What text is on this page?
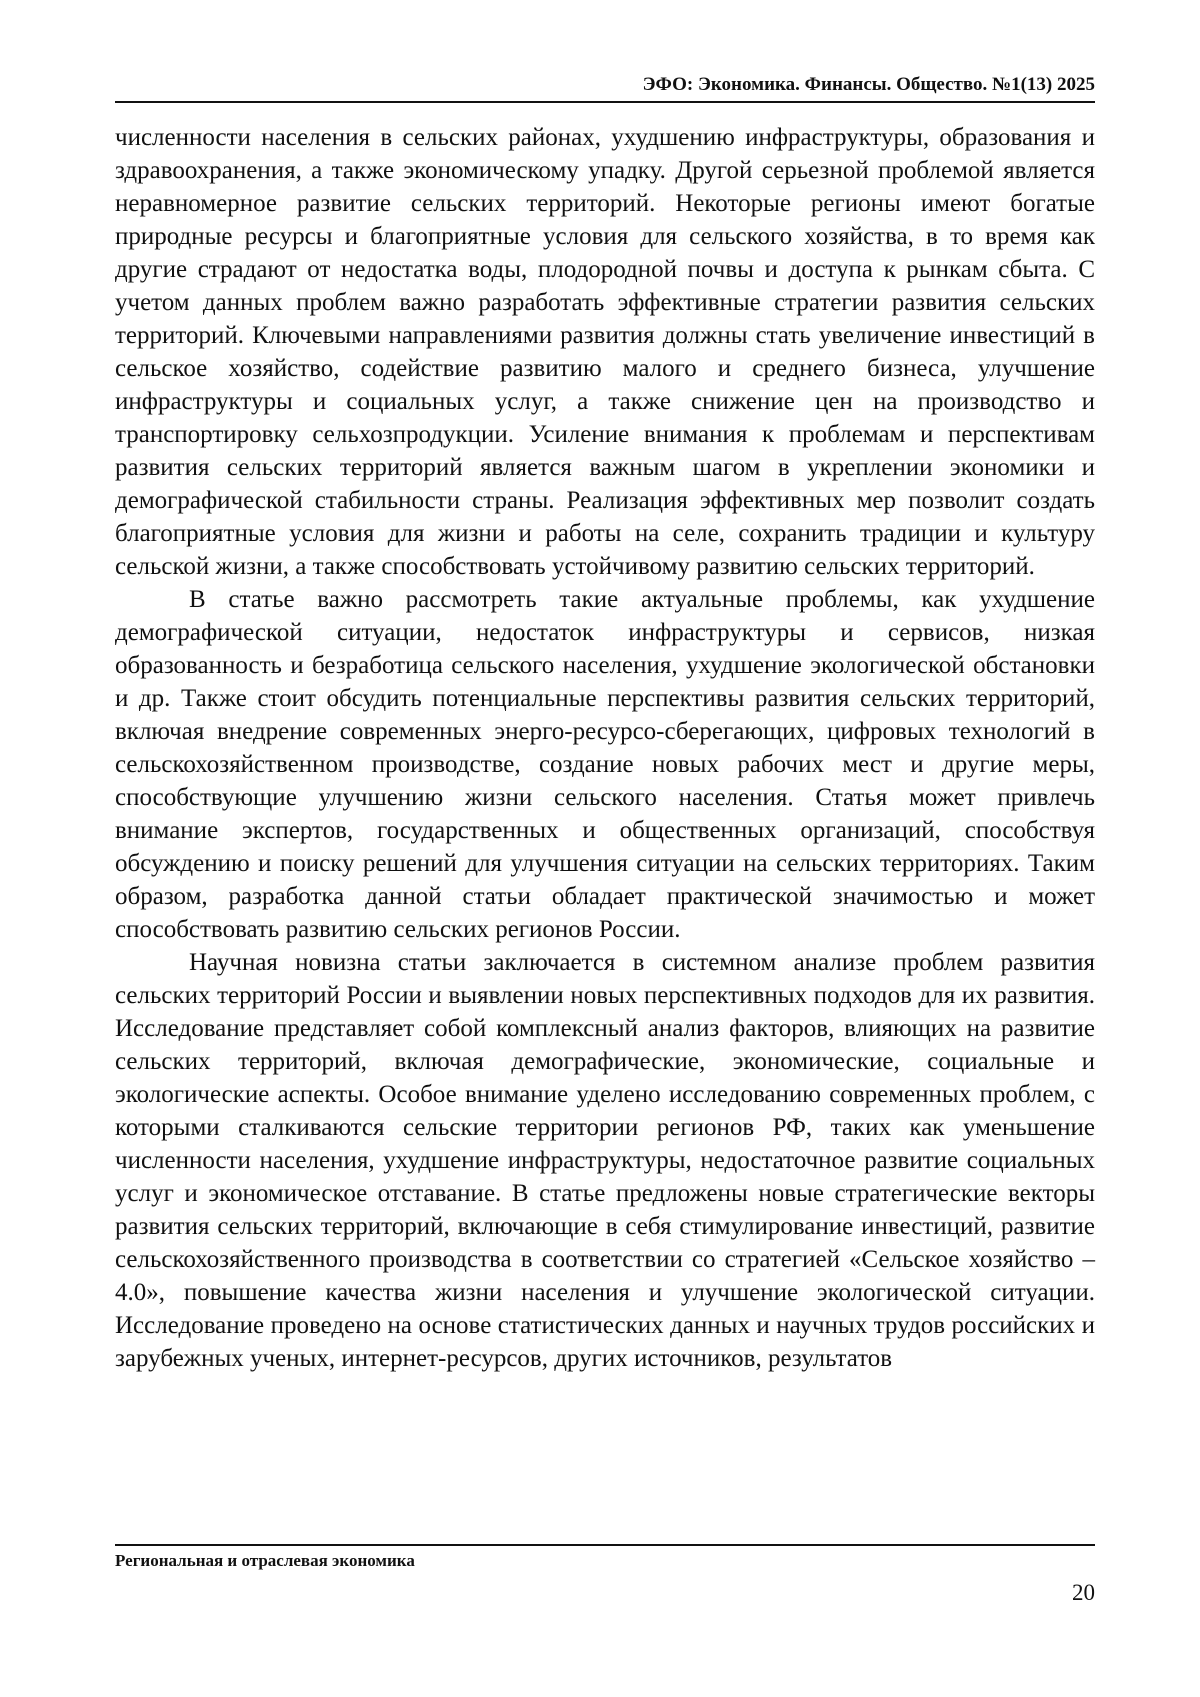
ЭФО: Экономика. Финансы. Общество. №1(13) 2025

численности населения в сельских районах, ухудшению инфраструктуры, образования и здравоохранения, а также экономическому упадку. Другой серьезной проблемой является неравномерное развитие сельских территорий. Некоторые регионы имеют богатые природные ресурсы и благоприятные условия для сельского хозяйства, в то время как другие страдают от недостатка воды, плодородной почвы и доступа к рынкам сбыта. С учетом данных проблем важно разработать эффективные стратегии развития сельских территорий. Ключевыми направлениями развития должны стать увеличение инвестиций в сельское хозяйство, содействие развитию малого и среднего бизнеса, улучшение инфраструктуры и социальных услуг, а также снижение цен на производство и транспортировку сельхозпродукции. Усиление внимания к проблемам и перспективам развития сельских территорий является важным шагом в укреплении экономики и демографической стабильности страны. Реализация эффективных мер позволит создать благоприятные условия для жизни и работы на селе, сохранить традиции и культуру сельской жизни, а также способствовать устойчивому развитию сельских территорий.

В статье важно рассмотреть такие актуальные проблемы, как ухудшение демографической ситуации, недостаток инфраструктуры и сервисов, низкая образованность и безработица сельского населения, ухудшение экологической обстановки и др. Также стоит обсудить потенциальные перспективы развития сельских территорий, включая внедрение современных энерго-ресурсо-сберегающих, цифровых технологий в сельскохозяйственном производстве, создание новых рабочих мест и другие меры, способствующие улучшению жизни сельского населения. Статья может привлечь внимание экспертов, государственных и общественных организаций, способствуя обсуждению и поиску решений для улучшения ситуации на сельских территориях. Таким образом, разработка данной статьи обладает практической значимостью и может способствовать развитию сельских регионов России.

Научная новизна статьи заключается в системном анализе проблем развития сельских территорий России и выявлении новых перспективных подходов для их развития. Исследование представляет собой комплексный анализ факторов, влияющих на развитие сельских территорий, включая демографические, экономические, социальные и экологические аспекты. Особое внимание уделено исследованию современных проблем, с которыми сталкиваются сельские территории регионов РФ, таких как уменьшение численности населения, ухудшение инфраструктуры, недостаточное развитие социальных услуг и экономическое отставание. В статье предложены новые стратегические векторы развития сельских территорий, включающие в себя стимулирование инвестиций, развитие сельскохозяйственного производства в соответствии со стратегией «Сельское хозяйство – 4.0», повышение качества жизни населения и улучшение экологической ситуации. Исследование проведено на основе статистических данных и научных трудов российских и зарубежных ученых, интернет-ресурсов, других источников, результатов

Региональная и отраслевая экономика
20
